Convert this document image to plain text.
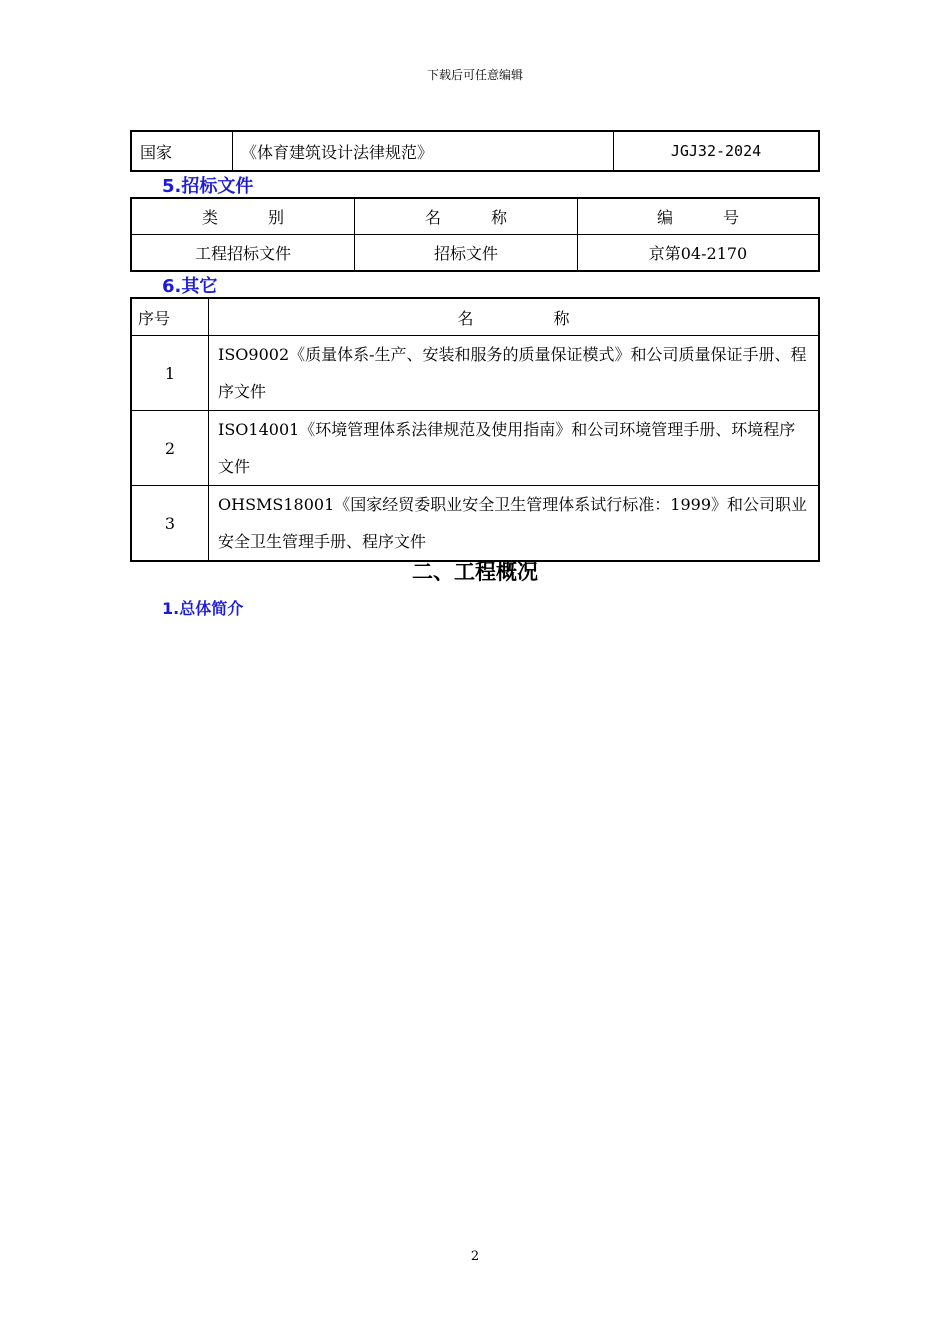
下载后可任意编辑
国家	《体育建筑设计法律规范》	JGJ32-2024
5.招标文件
类 别	名 称	编 号
工程招标文件	招标文件	京第04-2170
6.其它
序号	名 称
1	ISO9002《质量体系-生产、安装和服务的质量保证模式》和公司质量保证手册、程序文件
2	ISO14001《环境管理体系法律规范及使用指南》和公司环境管理手册、环境程序文件
3	OHSMS18001《国家经贸委职业安全卫生管理体系试行标准：1999》和公司职业安全卫生管理手册、程序文件
二、工程概况
1.总体简介
2
